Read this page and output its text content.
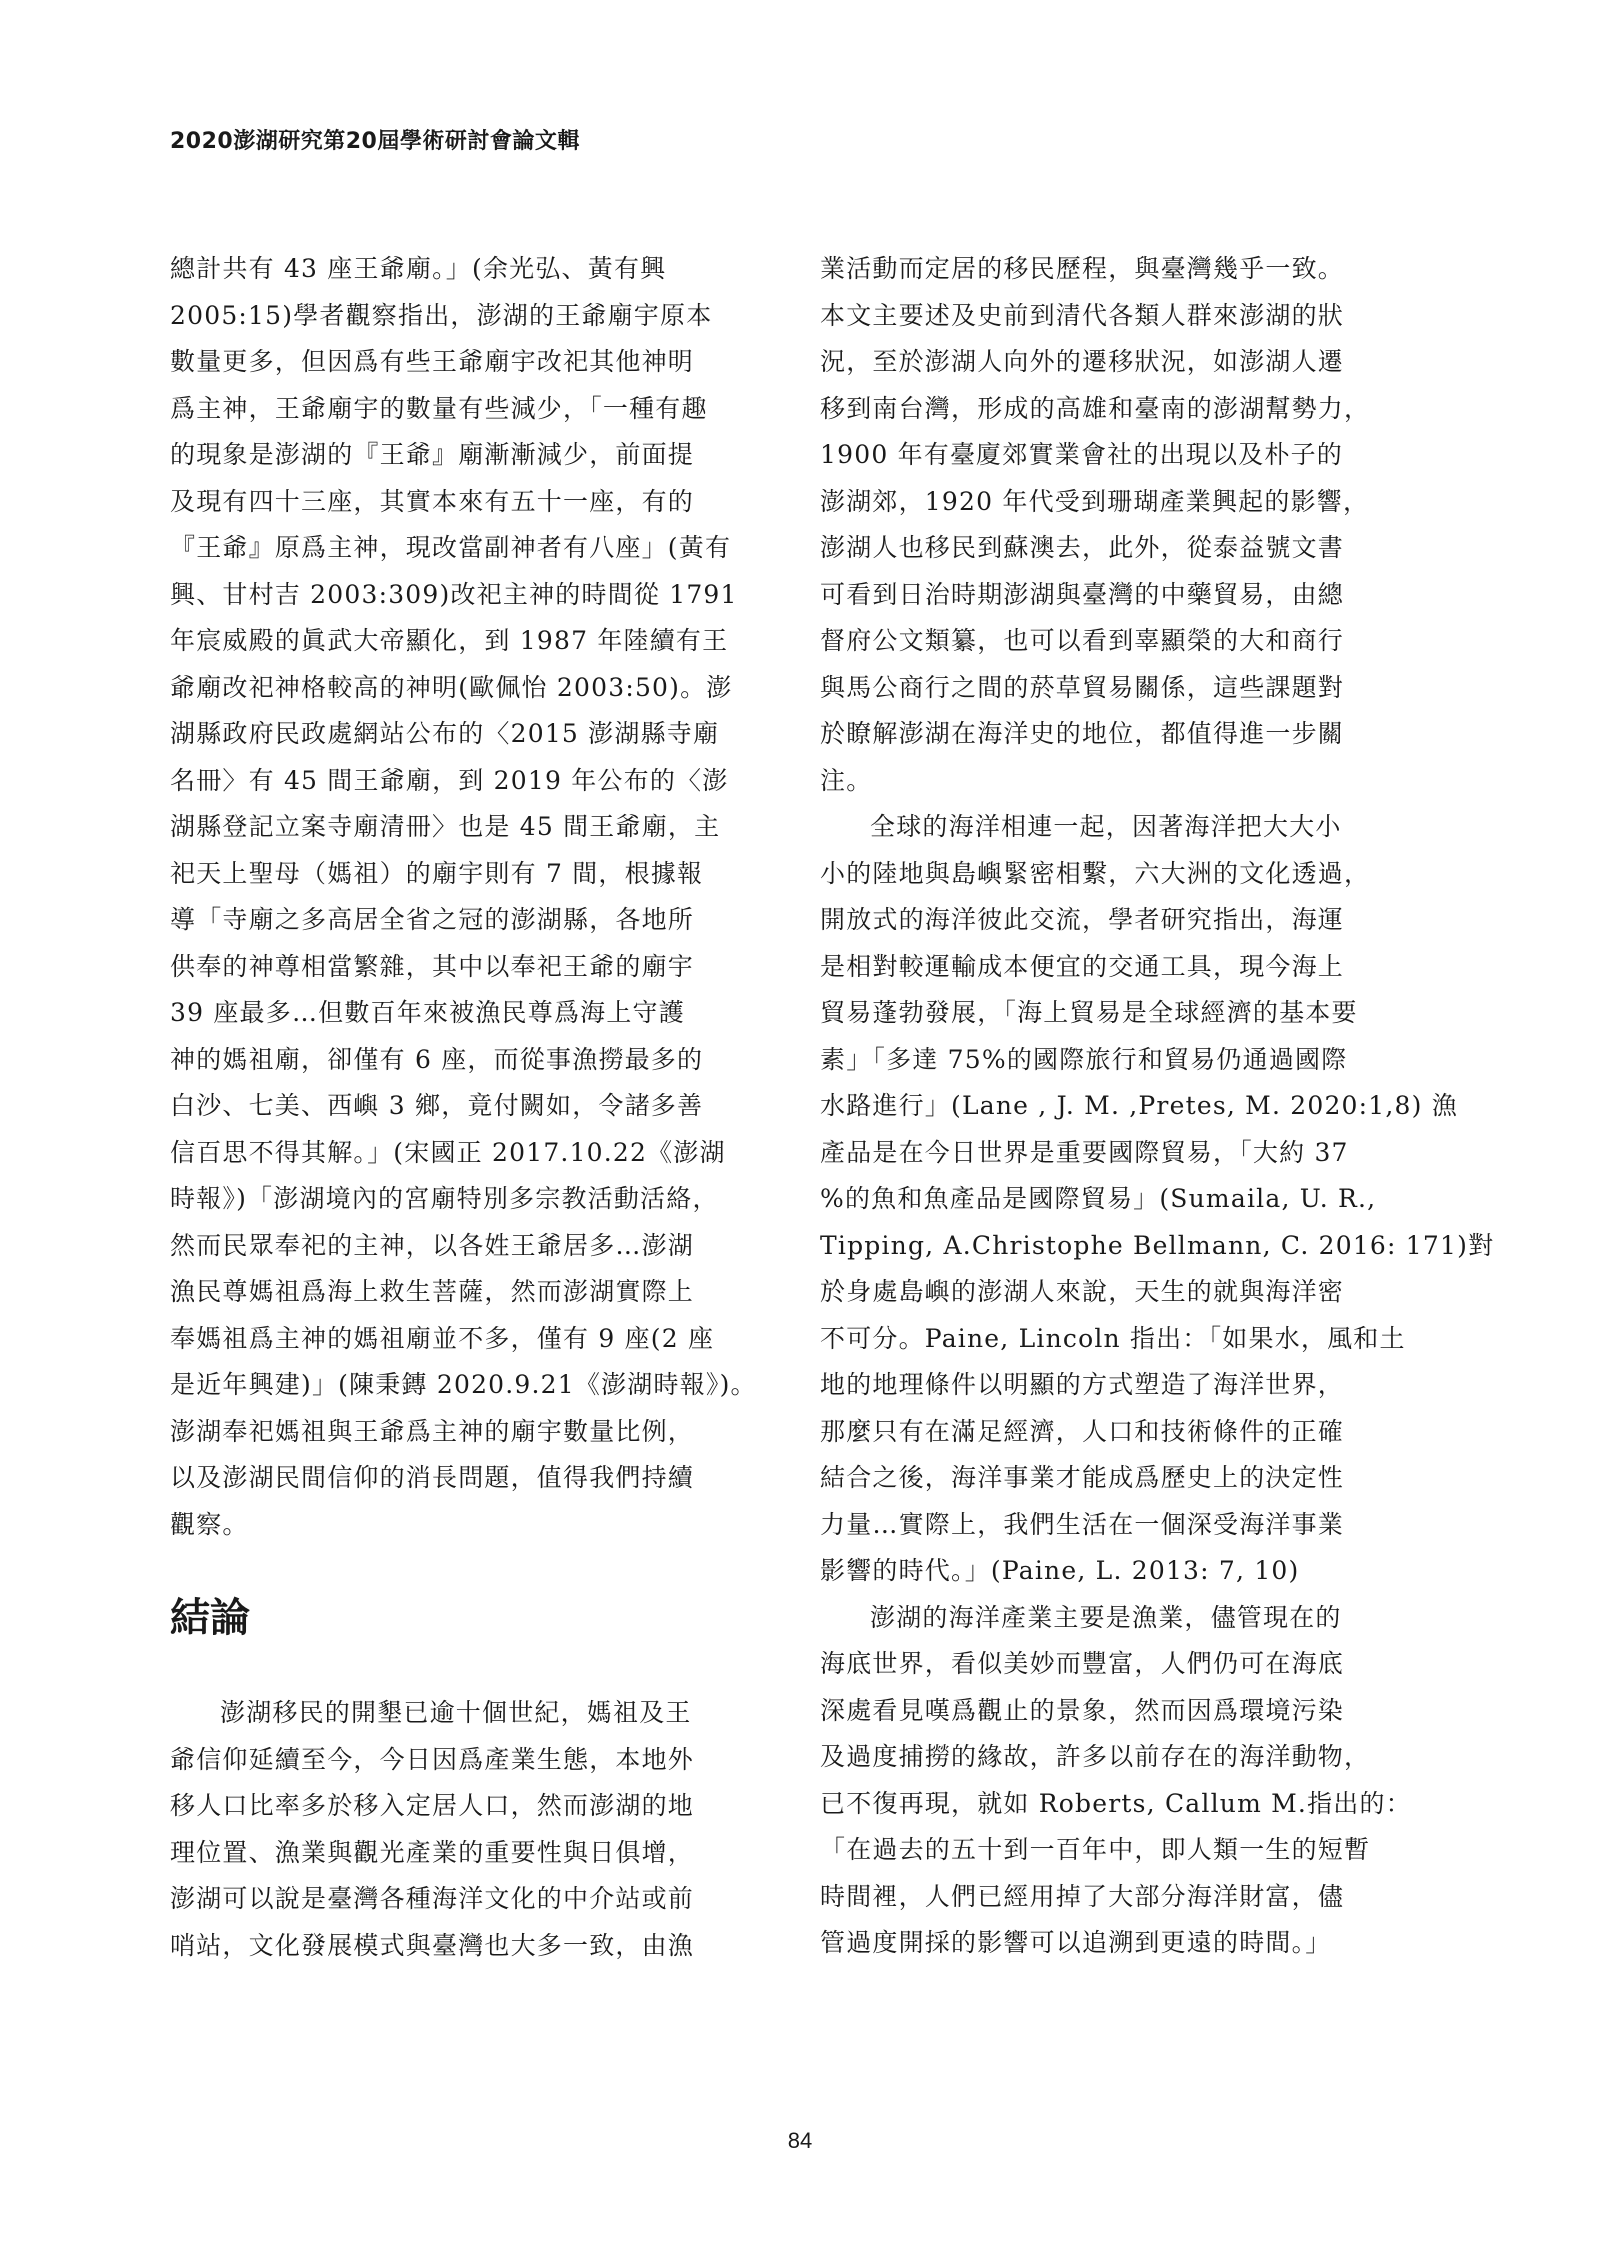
2020澎湖研究第20屆學術研討會論文輯
總計共有 43 座王爺廟。」(余光弘、黃有興
2005:15)學者觀察指出，澎湖的王爺廟宇原本
數量更多，但因爲有些王爺廟宇改祀其他神明
爲主神，王爺廟宇的數量有些減少，「一種有趣
的現象是澎湖的『王爺』廟漸漸減少，前面提
及現有四十三座，其實本來有五十一座，有的
『王爺』原爲主神，現改當副神者有八座」(黃有
興、甘村吉 2003:309)改祀主神的時間從 1791
年宸威殿的眞武大帝顯化，到 1987 年陸續有王
爺廟改祀神格較高的神明(歐佩怡 2003:50)。澎
湖縣政府民政處網站公布的〈2015 澎湖縣寺廟
名冊〉有 45 間王爺廟，到 2019 年公布的〈澎
湖縣登記立案寺廟清冊〉也是 45 間王爺廟，主
祀天上聖母（媽祖）的廟宇則有 7 間，根據報
導「寺廟之多高居全省之冠的澎湖縣，各地所
供奉的神尊相當繁雜，其中以奉祀王爺的廟宇
39 座最多…但數百年來被漁民尊爲海上守護
神的媽祖廟，卻僅有 6 座，而從事漁撈最多的
白沙、七美、西嶼 3 鄉，竟付闕如，令諸多善
信百思不得其解。」(宋國正 2017.10.22《澎湖
時報》)「澎湖境內的宮廟特別多宗教活動活絡，
然而民眾奉祀的主神，以各姓王爺居多…澎湖
漁民尊媽祖爲海上救生菩薩，然而澎湖實際上
奉媽祖爲主神的媽祖廟並不多，僅有 9 座(2 座
是近年興建)」(陳秉鏄 2020.9.21《澎湖時報》)。
澎湖奉祀媽祖與王爺爲主神的廟宇數量比例，
以及澎湖民間信仰的消長問題，值得我們持續
觀察。
結論
澎湖移民的開墾已逾十個世紀，媽祖及王
爺信仰延續至今，今日因爲產業生態，本地外
移人口比率多於移入定居人口，然而澎湖的地
理位置、漁業與觀光產業的重要性與日俱增，
澎湖可以說是臺灣各種海洋文化的中介站或前
哨站，文化發展模式與臺灣也大多一致，由漁
業活動而定居的移民歷程，與臺灣幾乎一致。
本文主要述及史前到清代各類人群來澎湖的狀
況，至於澎湖人向外的遷移狀況，如澎湖人遷
移到南台灣，形成的高雄和臺南的澎湖幫勢力，
1900 年有臺廈郊實業會社的出現以及朴子的
澎湖郊，1920 年代受到珊瑚產業興起的影響，
澎湖人也移民到蘇澳去，此外，從泰益號文書
可看到日治時期澎湖與臺灣的中藥貿易，由總
督府公文類纂，也可以看到辜顯榮的大和商行
與馬公商行之間的菸草貿易關係，這些課題對
於瞭解澎湖在海洋史的地位，都值得進一步關
注。
全球的海洋相連一起，因著海洋把大大小
小的陸地與島嶼緊密相繫，六大洲的文化透過，
開放式的海洋彼此交流，學者研究指出，海運
是相對較運輸成本便宜的交通工具，現今海上
貿易蓬勃發展，「海上貿易是全球經濟的基本要
素」「多達 75%的國際旅行和貿易仍通過國際
水路進行」(Lane , J. M. ,Pretes, M. 2020:1,8) 漁
產品是在今日世界是重要國際貿易，「大約 37
%的魚和魚產品是國際貿易」(Sumaila, U. R.,
Tipping, A.Christophe Bellmann, C. 2016: 171)對
於身處島嶼的澎湖人來說，天生的就與海洋密
不可分。Paine, Lincoln 指出：「如果水，風和土
地的地理條件以明顯的方式塑造了海洋世界，
那麼只有在滿足經濟，人口和技術條件的正確
結合之後，海洋事業才能成爲歷史上的決定性
力量…實際上，我們生活在一個深受海洋事業
影響的時代。」(Paine, L. 2013: 7, 10)
澎湖的海洋產業主要是漁業，儘管現在的
海底世界，看似美妙而豐富，人們仍可在海底
深處看見嘆爲觀止的景象，然而因爲環境污染
及過度捕撈的緣故，許多以前存在的海洋動物，
已不復再現，就如 Roberts, Callum M.指出的：
「在過去的五十到一百年中，即人類一生的短暫
時間裡，人們已經用掉了大部分海洋財富，儘
管過度開採的影響可以追溯到更遠的時間。」
84
